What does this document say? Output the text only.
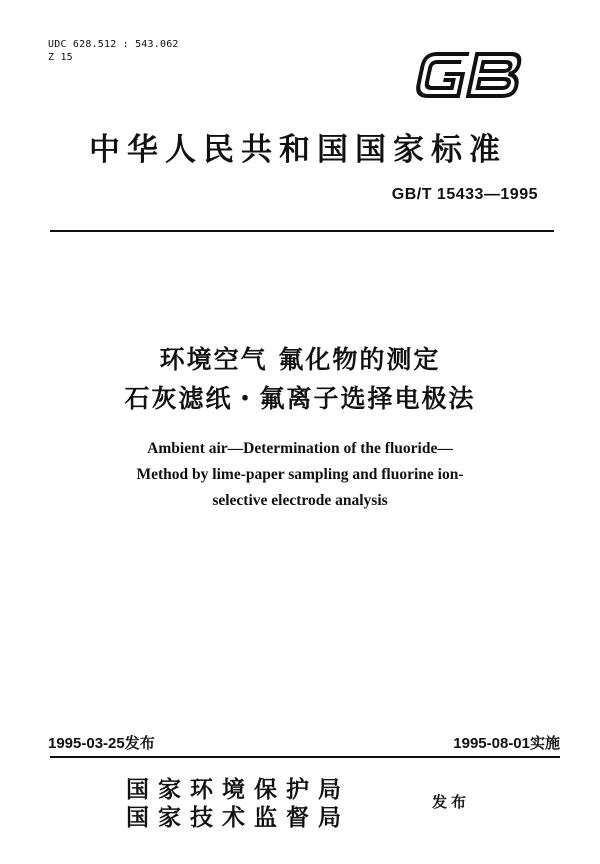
UDC 628.512 : 543.062
Z 15
中华人民共和国国家标准
GB/T 15433—1995
环境空气 氟化物的测定
石灰滤纸・氟离子选择电极法
Ambient air—Determination of the fluoride—
Method by lime-paper sampling and fluorine ion-
selective electrode analysis
1995-03-25发布	1995-08-01实施
国家环境保护局
国家技术监督局
发布
